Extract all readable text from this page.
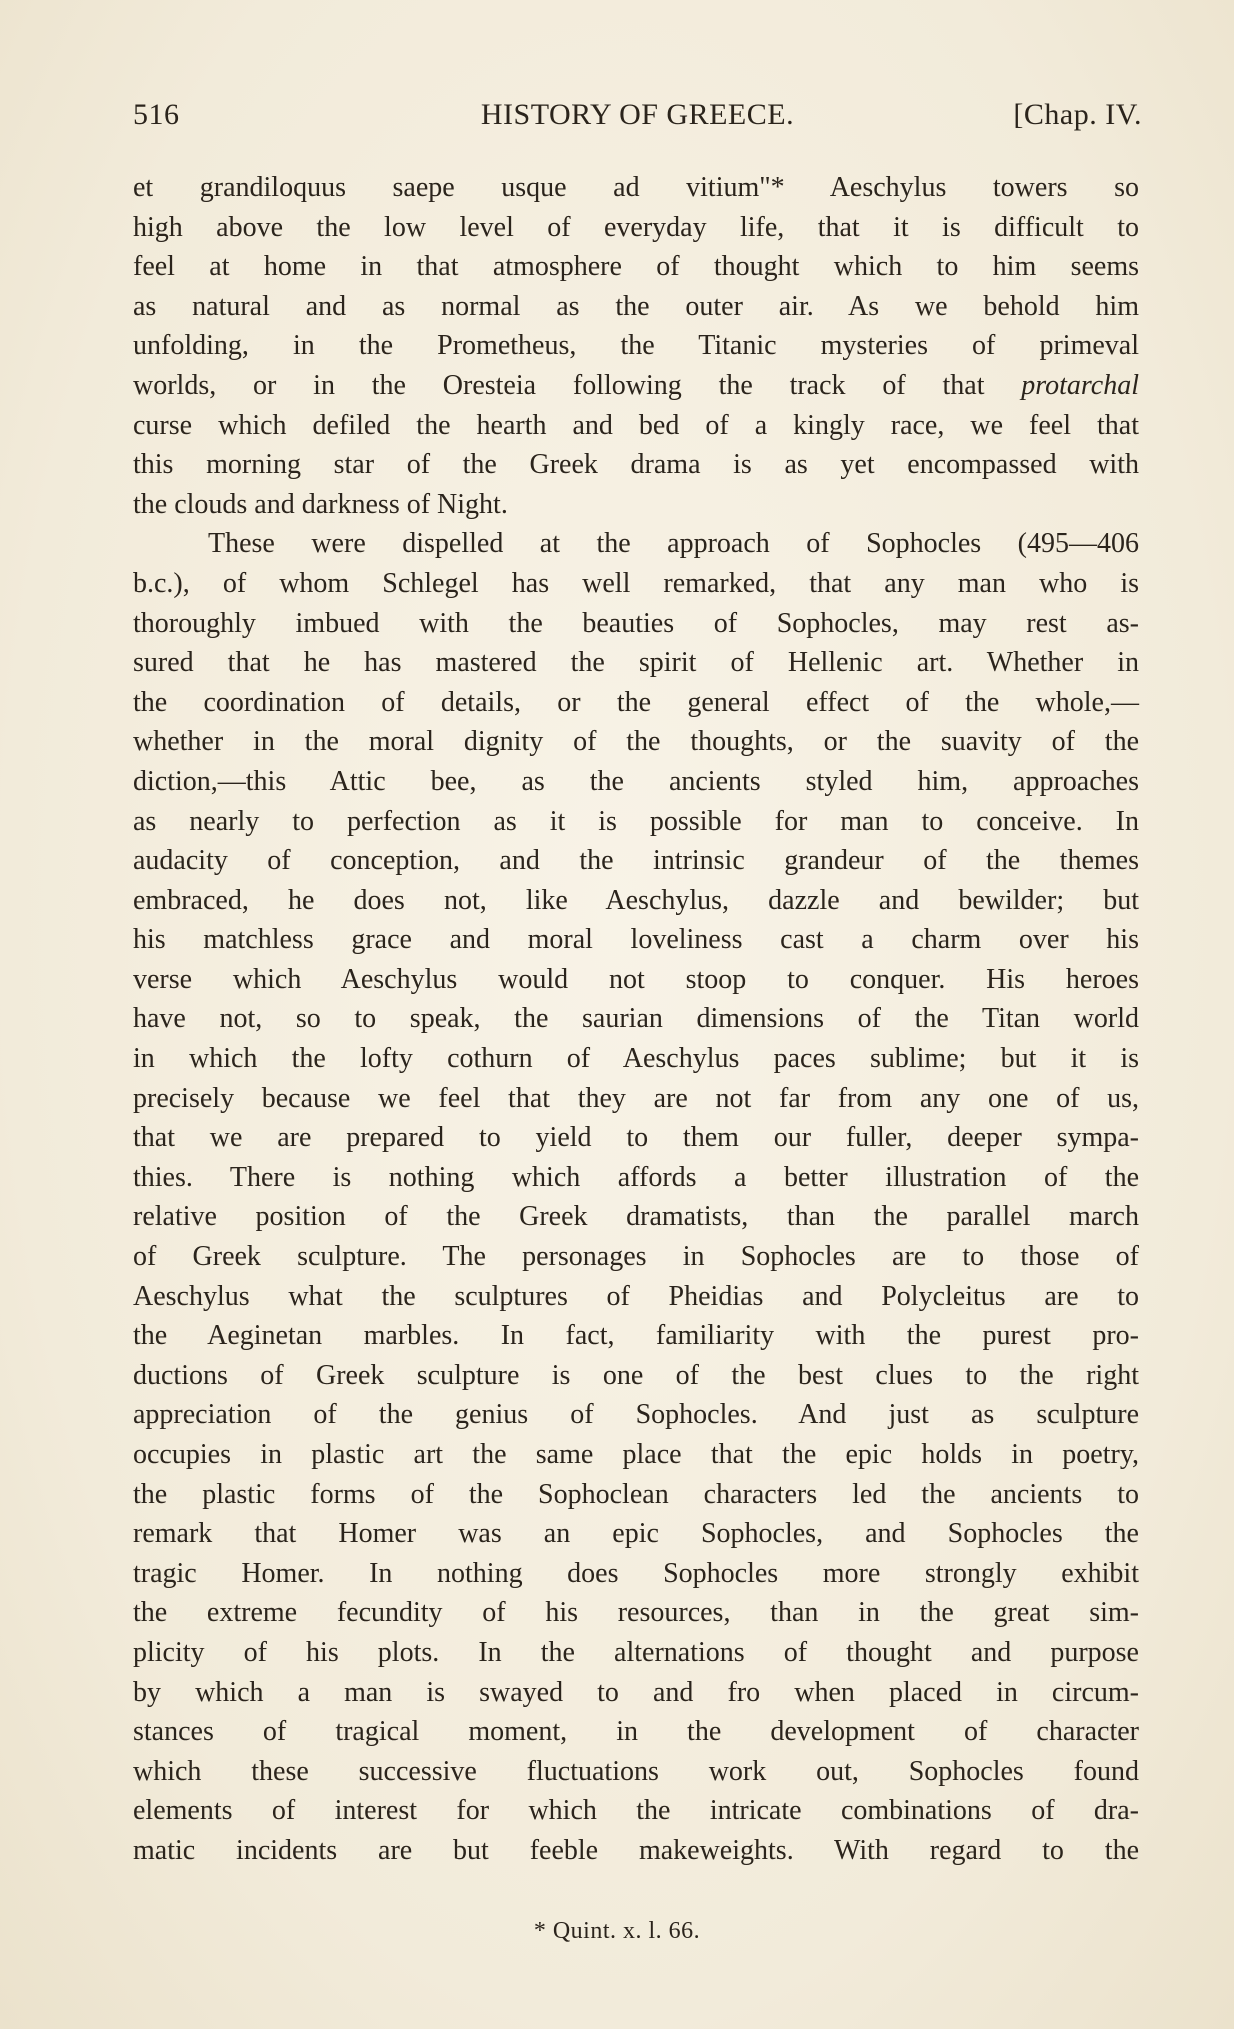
516	HISTORY OF GREECE.	[Chap. IV.
et grandiloquus saepe usque ad vitium"* Aeschylus towers so
high above the low level of everyday life, that it is difficult to
feel at home in that atmosphere of thought which to him seems
as natural and as normal as the outer air. As we behold him
unfolding, in the Prometheus, the Titanic mysteries of primeval
worlds, or in the Oresteia following the track of that protarchal
curse which defiled the hearth and bed of a kingly race, we feel that
this morning star of the Greek drama is as yet encompassed with
the clouds and darkness of Night.
These were dispelled at the approach of Sophocles (495—406
b.c.), of whom Schlegel has well remarked, that any man who is
thoroughly imbued with the beauties of Sophocles, may rest as-
sured that he has mastered the spirit of Hellenic art. Whether in
the coordination of details, or the general effect of the whole,—
whether in the moral dignity of the thoughts, or the suavity of the
diction,—this Attic bee, as the ancients styled him, approaches
as nearly to perfection as it is possible for man to conceive. In
audacity of conception, and the intrinsic grandeur of the themes
embraced, he does not, like Aeschylus, dazzle and bewilder; but
his matchless grace and moral loveliness cast a charm over his
verse which Aeschylus would not stoop to conquer. His heroes
have not, so to speak, the saurian dimensions of the Titan world
in which the lofty cothurn of Aeschylus paces sublime; but it is
precisely because we feel that they are not far from any one of us,
that we are prepared to yield to them our fuller, deeper sympa-
thies. There is nothing which affords a better illustration of the
relative position of the Greek dramatists, than the parallel march
of Greek sculpture. The personages in Sophocles are to those of
Aeschylus what the sculptures of Pheidias and Polycleitus are to
the Aeginetan marbles. In fact, familiarity with the purest pro-
ductions of Greek sculpture is one of the best clues to the right
appreciation of the genius of Sophocles. And just as sculpture
occupies in plastic art the same place that the epic holds in poetry,
the plastic forms of the Sophoclean characters led the ancients to
remark that Homer was an epic Sophocles, and Sophocles the
tragic Homer. In nothing does Sophocles more strongly exhibit
the extreme fecundity of his resources, than in the great sim-
plicity of his plots. In the alternations of thought and purpose
by which a man is swayed to and fro when placed in circum-
stances of tragical moment, in the development of character
which these successive fluctuations work out, Sophocles found
elements of interest for which the intricate combinations of dra-
matic incidents are but feeble makeweights. With regard to the
* Quint. x. l. 66.
